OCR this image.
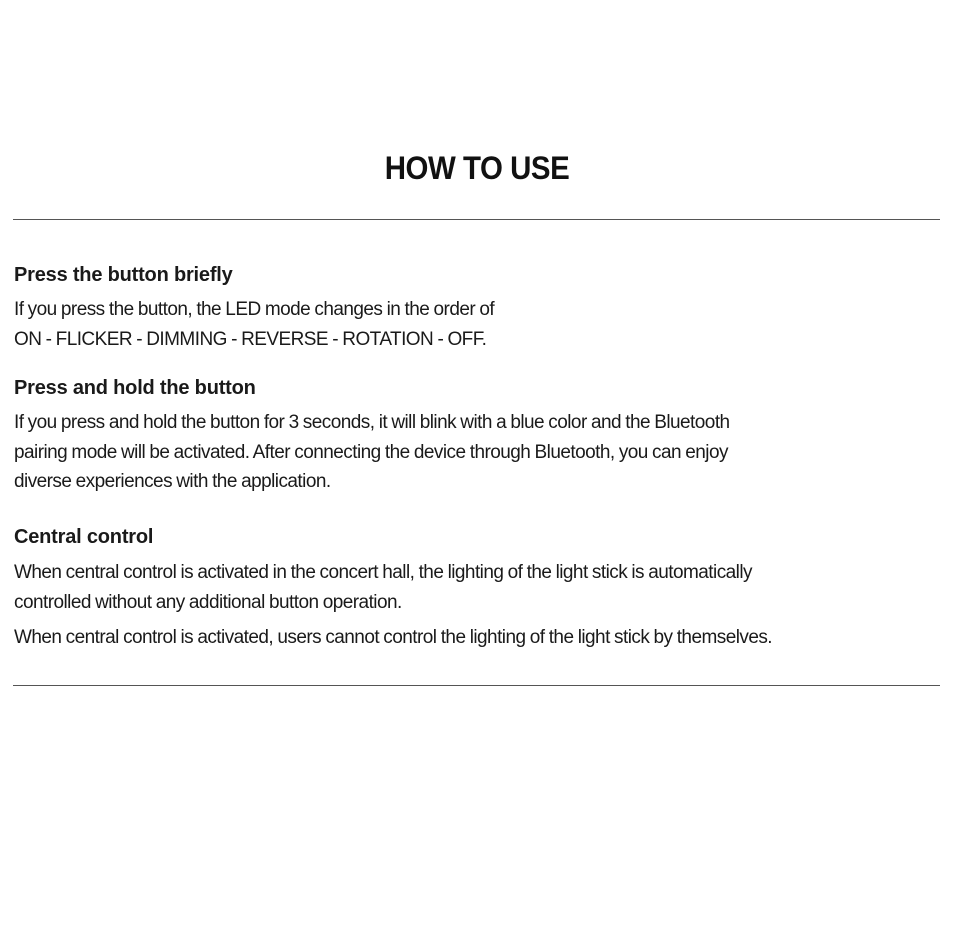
HOW TO USE
Press the button briefly

If you press the button, the LED mode changes in the order of

ON - FLICKER - DIMMING - REVERSE - ROTATION - OFF.

Press and hold the button

If you press and hold the button for 3 seconds, it will blink with a blue color and the Bluetooth

pairing mode will be activated. After connecting the device through Bluetooth, you can enjoy

diverse experiences with the application.

Central control

When central control is activated in the concert hall, the lighting of the light stick is automatically

controlled without any additional button operation.

When central control is activated, users cannot control the lighting of the light stick by themselves.
